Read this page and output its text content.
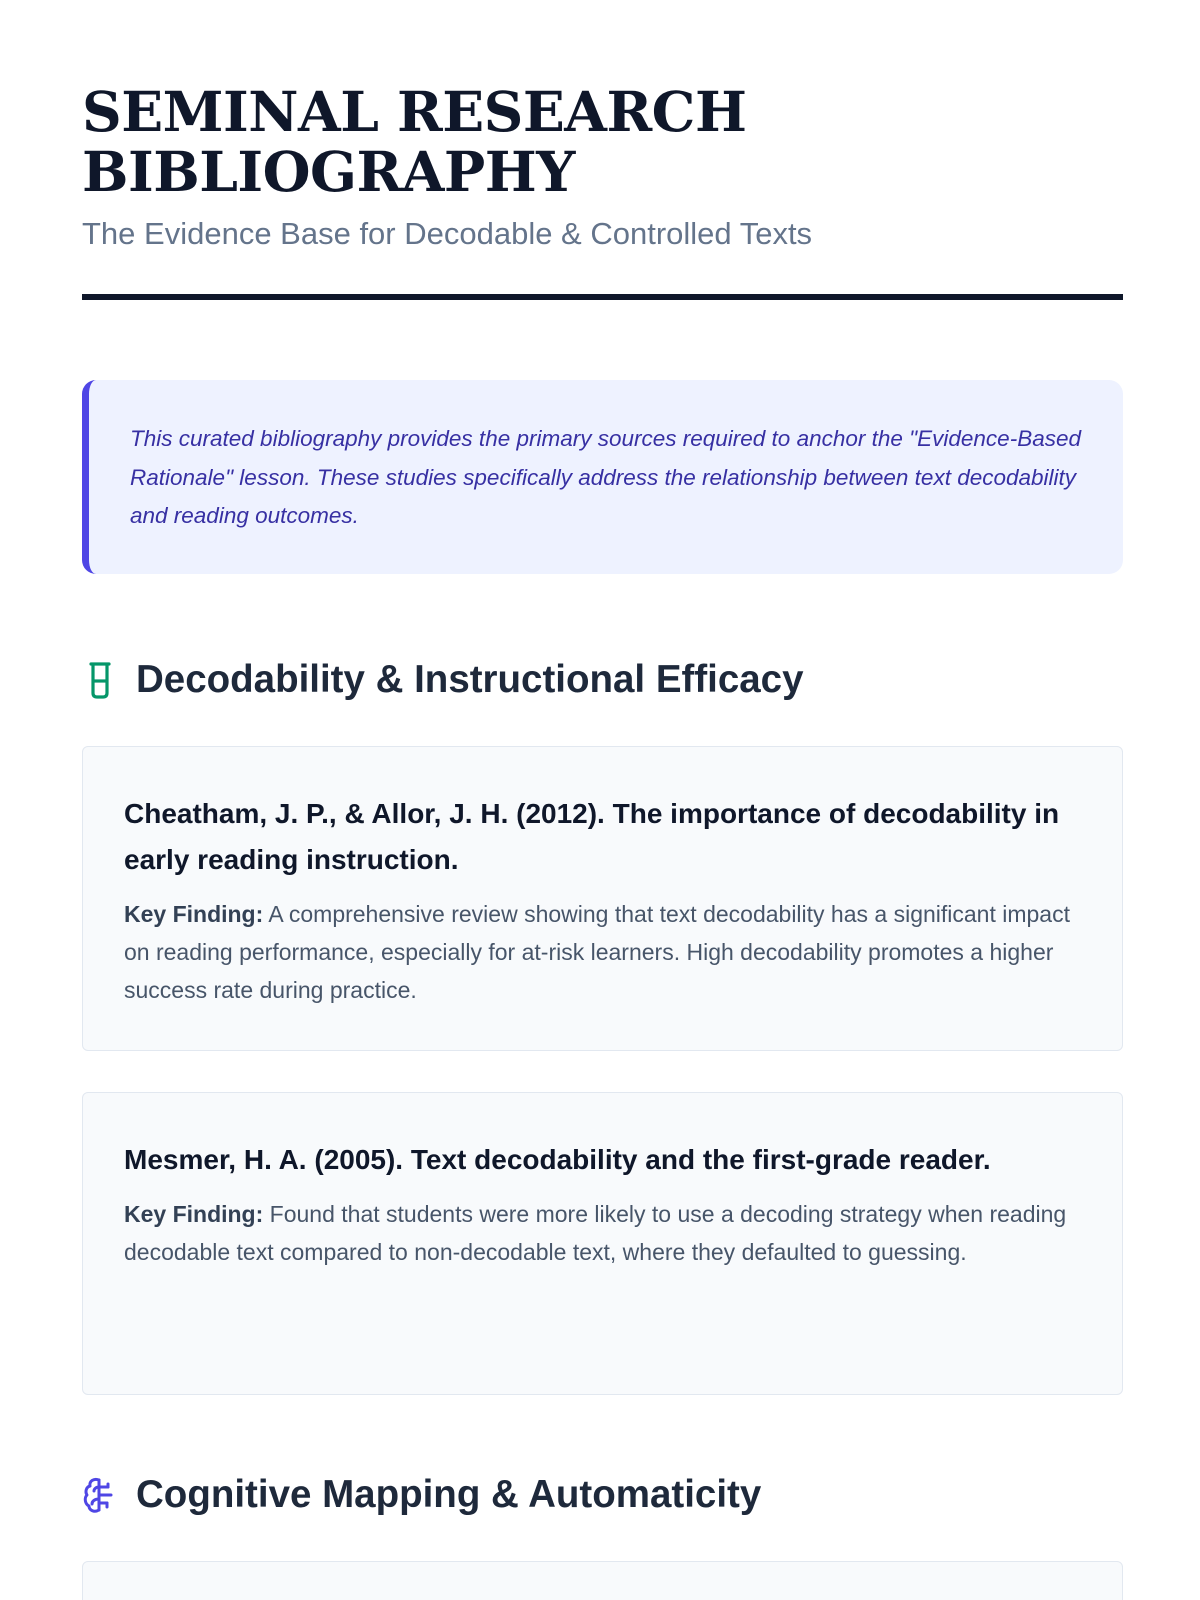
SEMINAL RESEARCH BIBLIOGRAPHY
The Evidence Base for Decodable & Controlled Texts

This curated bibliography provides the primary sources required to anchor the "Evidence-Based Rationale" lesson. These studies specifically address the relationship between text decodability and reading outcomes.

Decodability & Instructional Efficacy
Cheatham, J. P., & Allor, J. H. (2012). The importance of decodability in early reading instruction.

Key Finding: A comprehensive review showing that text decodability has a significant impact on reading performance, especially for at-risk learners. High decodability promotes a higher success rate during practice.

Mesmer, H. A. (2005). Text decodability and the first-grade reader.

Key Finding: Found that students were more likely to use a decoding strategy when reading decodable text compared to non-decodable text, where they defaulted to guessing.

Cognitive Mapping & Automaticity
